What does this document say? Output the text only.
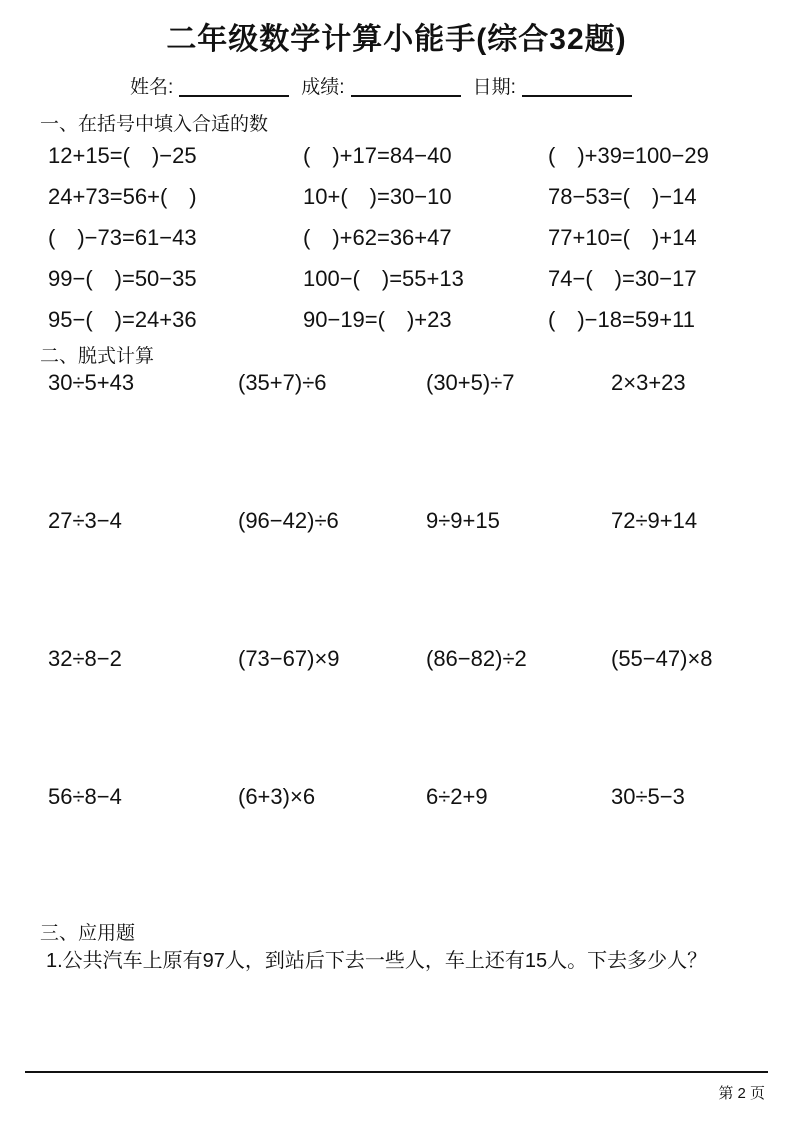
二年级数学计算小能手(综合32题)
姓名:	成绩:	日期:
一、在括号中填入合适的数
12+15=(　)−25	(　)+17=84−40	(　)+39=100−29
24+73=56+(　)	10+(　)=30−10	78−53=(　)−14
(　)−73=61−43	(　)+62=36+47	77+10=(　)+14
99−(　)=50−35	100−(　)=55+13	74−(　)=30−17
95−(　)=24+36	90−19=(　)+23	(　)−18=59+11
二、脱式计算
30÷5+43	(35+7)÷6	(30+5)÷7	2×3+23
27÷3−4	(96−42)÷6	9÷9+15	72÷9+14
32÷8−2	(73−67)×9	(86−82)÷2	(55−47)×8
56÷8−4	(6+3)×6	6÷2+9	30÷5−3
三、应用题
1.公共汽车上原有97人，到站后下去一些人，车上还有15人。下去多少人？
第 2 页
